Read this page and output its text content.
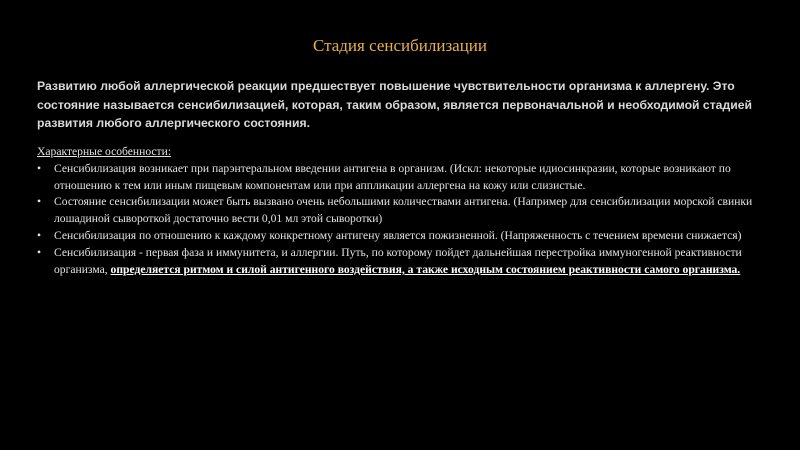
Стадия сенсибилизации
Развитию любой аллергической реакции предшествует повышение чувствительности организма к аллергену. Это состояние называется сенсибилизацией, которая, таким образом, является первоначальной и необходимой стадией развития любого аллергического состояния.
Характерные особенности:
• Сенсибилизация возникает при парэнтеральном введении антигена в организм. (Искл: некоторые идиосинкразии, которые возникают по отношению к тем или иным пищевым компонентам или при аппликации аллергена на кожу или слизистые.
• Состояние сенсибилизации может быть вызвано очень небольшими количествами антигена. (Например для сенсибилизации морской свинки лошадиной сывороткой достаточно вести 0,01 мл этой сыворотки)
• Сенсибилизация по отношению к каждому конкретному антигену является пожизненной. (Напряженность с течением времени снижается)
• Сенсибилизация - первая фаза и иммунитета, и аллергии. Путь, по которому пойдет дальнейшая перестройка иммуногенной реактивности организма, определяется ритмом и силой антигенного воздействия, а также исходным состоянием реактивности самого организма.
